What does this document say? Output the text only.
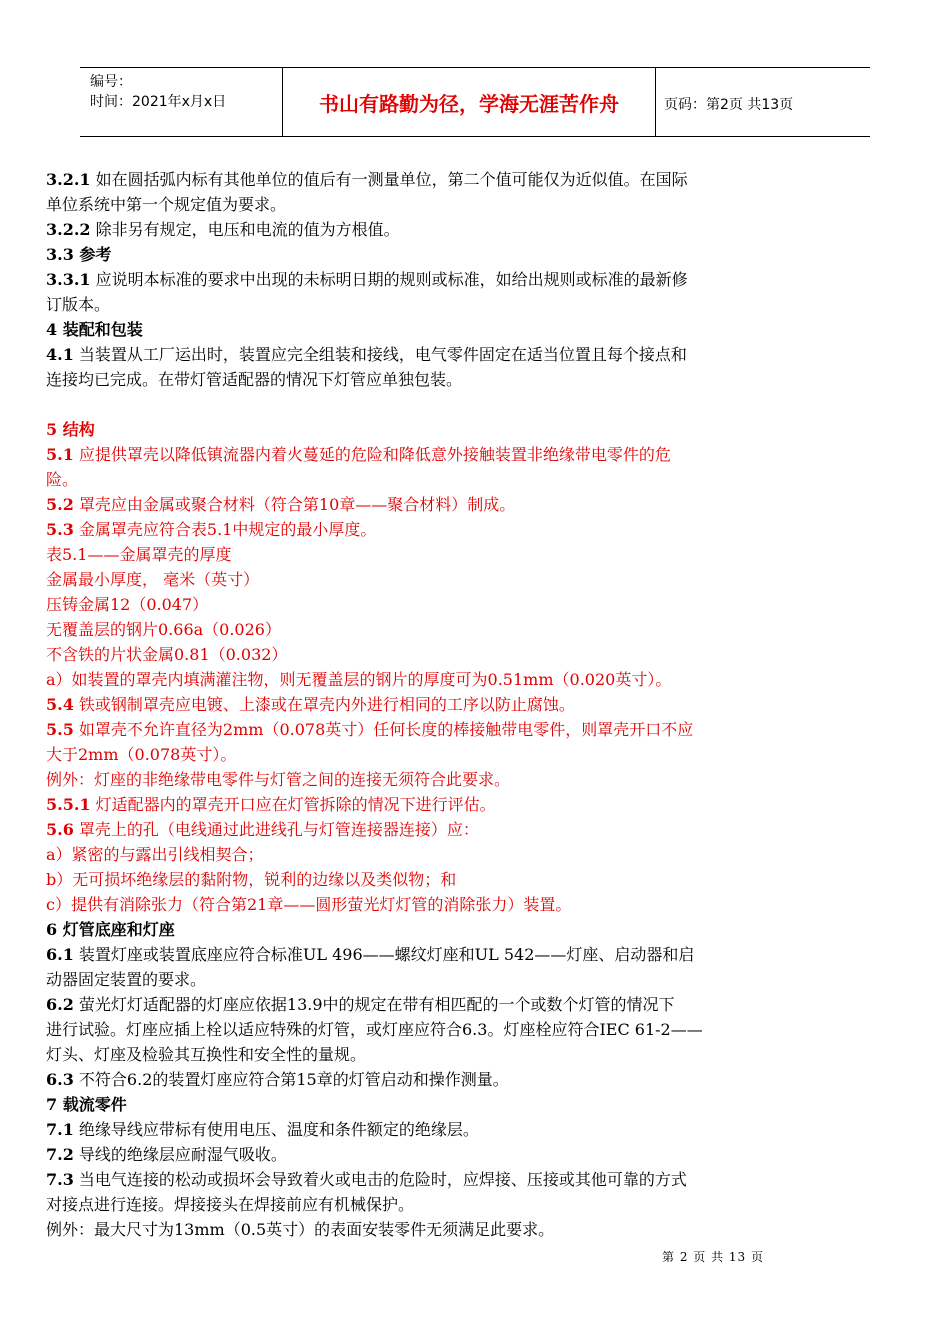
编号：
时间：2021年x月x日	书山有路勤为径，学海无涯苦作舟	页码：第2页 共13页
3.2.1 如在圆括弧内标有其他单位的值后有一测量单位，第二个值可能仅为近似值。在国际
单位系统中第一个规定值为要求。
3.2.2 除非另有规定，电压和电流的值为方根值。
3.3 参考
3.3.1 应说明本标准的要求中出现的未标明日期的规则或标准，如给出规则或标准的最新修
订版本。
4 装配和包装
4.1 当装置从工厂运出时，装置应完全组装和接线，电气零件固定在适当位置且每个接点和
连接均已完成。在带灯管适配器的情况下灯管应单独包装。
5 结构
5.1 应提供罩壳以降低镇流器内着火蔓延的危险和降低意外接触装置非绝缘带电零件的危
险。
5.2 罩壳应由金属或聚合材料（符合第10章——聚合材料）制成。
5.3 金属罩壳应符合表5.1中规定的最小厚度。
表5.1——金属罩壳的厚度
金属最小厚度， 毫米（英寸）
压铸金属12（0.047）
无覆盖层的钢片0.66a（0.026）
不含铁的片状金属0.81（0.032）
a）如装置的罩壳内填满灌注物，则无覆盖层的钢片的厚度可为0.51mm（0.020英寸）。
5.4 铁或钢制罩壳应电镀、上漆或在罩壳内外进行相同的工序以防止腐蚀。
5.5 如罩壳不允许直径为2mm（0.078英寸）任何长度的棒接触带电零件，则罩壳开口不应
大于2mm（0.078英寸）。
例外：灯座的非绝缘带电零件与灯管之间的连接无须符合此要求。
5.5.1 灯适配器内的罩壳开口应在灯管拆除的情况下进行评估。
5.6 罩壳上的孔（电线通过此进线孔与灯管连接器连接）应：
a）紧密的与露出引线相契合；
b）无可损坏绝缘层的黏附物，锐利的边缘以及类似物；和
c）提供有消除张力（符合第21章——圆形萤光灯灯管的消除张力）装置。
6 灯管底座和灯座
6.1 装置灯座或装置底座应符合标准UL 496——螺纹灯座和UL 542——灯座、启动器和启
动器固定装置的要求。
6.2 萤光灯灯适配器的灯座应依据13.9中的规定在带有相匹配的一个或数个灯管的情况下
进行试验。灯座应插上栓以适应特殊的灯管，或灯座应符合6.3。灯座栓应符合IEC 61-2——
灯头、灯座及检验其互换性和安全性的量规。
6.3 不符合6.2的装置灯座应符合第15章的灯管启动和操作测量。
7 载流零件
7.1 绝缘导线应带标有使用电压、温度和条件额定的绝缘层。
7.2 导线的绝缘层应耐湿气吸收。
7.3 当电气连接的松动或损坏会导致着火或电击的危险时，应焊接、压接或其他可靠的方式
对接点进行连接。焊接接头在焊接前应有机械保护。
例外：最大尺寸为13mm（0.5英寸）的表面安装零件无须满足此要求。
第 2 页 共 13 页
